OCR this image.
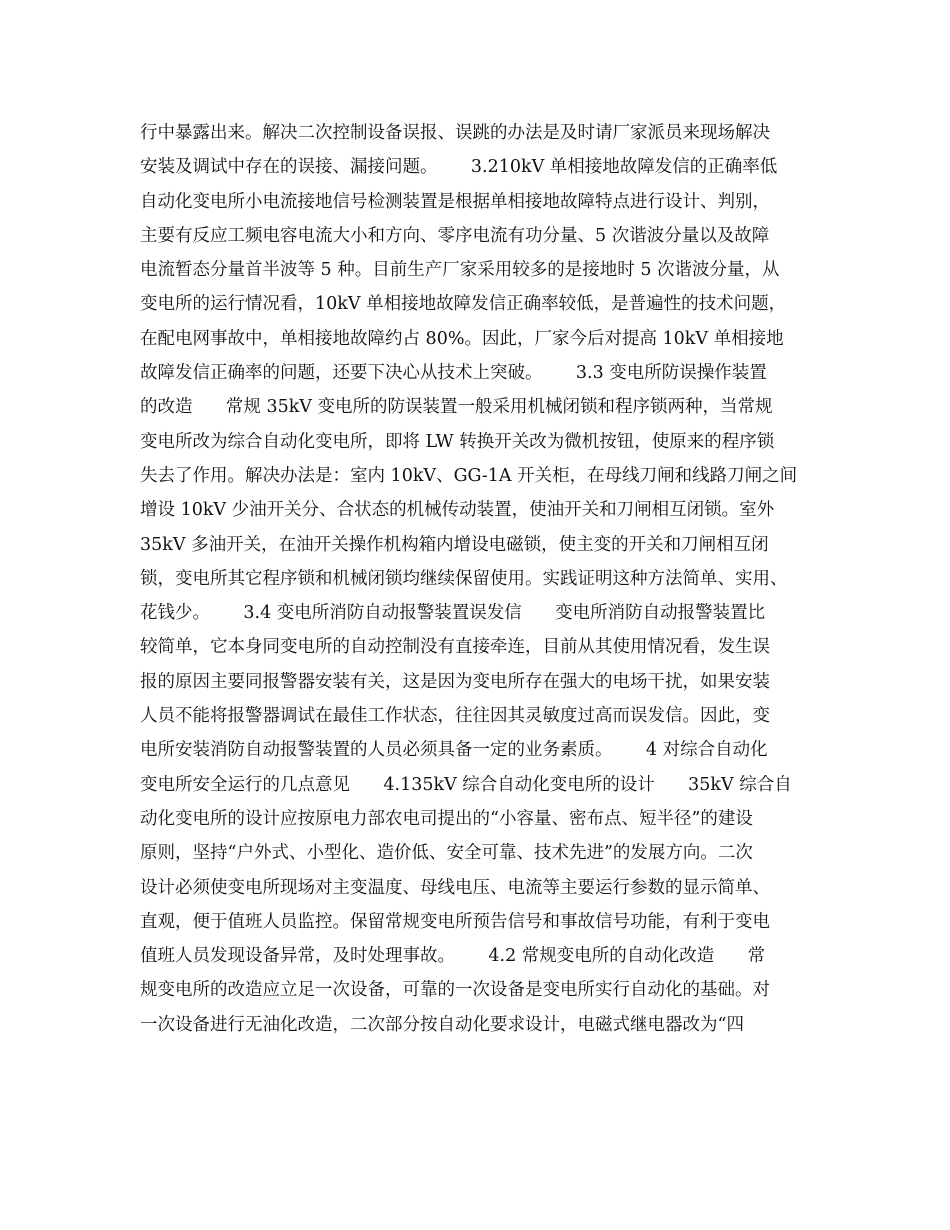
行中暴露出来。解决二次控制设备误报、误跳的办法是及时请厂家派员来现场解决
安装及调试中存在的误接、漏接问题。      3.210kV 单相接地故障发信的正确率低
自动化变电所小电流接地信号检测装置是根据单相接地故障特点进行设计、判别，
主要有反应工频电容电流大小和方向、零序电流有功分量、5 次谐波分量以及故障
电流暂态分量首半波等 5 种。目前生产厂家采用较多的是接地时 5 次谐波分量，从
变电所的运行情况看，10kV 单相接地故障发信正确率较低，是普遍性的技术问题，
在配电网事故中，单相接地故障约占 80%。因此，厂家今后对提高 10kV 单相接地
故障发信正确率的问题，还要下决心从技术上突破。      3.3 变电所防误操作装置
的改造      常规 35kV 变电所的防误装置一般采用机械闭锁和程序锁两种，当常规
变电所改为综合自动化变电所，即将 LW 转换开关改为微机按钮，使原来的程序锁
失去了作用。解决办法是：室内 10kV、GG-1A 开关柜，在母线刀闸和线路刀闸之间
增设 10kV 少油开关分、合状态的机械传动装置，使油开关和刀闸相互闭锁。室外
35kV 多油开关，在油开关操作机构箱内增设电磁锁，使主变的开关和刀闸相互闭
锁，变电所其它程序锁和机械闭锁均继续保留使用。实践证明这种方法简单、实用、
花钱少。      3.4 变电所消防自动报警装置误发信      变电所消防自动报警装置比
较简单，它本身同变电所的自动控制没有直接牵连，目前从其使用情况看，发生误
报的原因主要同报警器安装有关，这是因为变电所存在强大的电场干扰，如果安装
人员不能将报警器调试在最佳工作状态，往往因其灵敏度过高而误发信。因此，变
电所安装消防自动报警装置的人员必须具备一定的业务素质。      4 对综合自动化
变电所安全运行的几点意见      4.135kV 综合自动化变电所的设计      35kV 综合自
动化变电所的设计应按原电力部农电司提出的“小容量、密布点、短半径”的建设
原则，坚持“户外式、小型化、造价低、安全可靠、技术先进”的发展方向。二次
设计必须使变电所现场对主变温度、母线电压、电流等主要运行参数的显示简单、
直观，便于值班人员监控。保留常规变电所预告信号和事故信号功能，有利于变电
值班人员发现设备异常，及时处理事故。      4.2 常规变电所的自动化改造      常
规变电所的改造应立足一次设备，可靠的一次设备是变电所实行自动化的基础。对
一次设备进行无油化改造，二次部分按自动化要求设计，电磁式继电器改为“四
